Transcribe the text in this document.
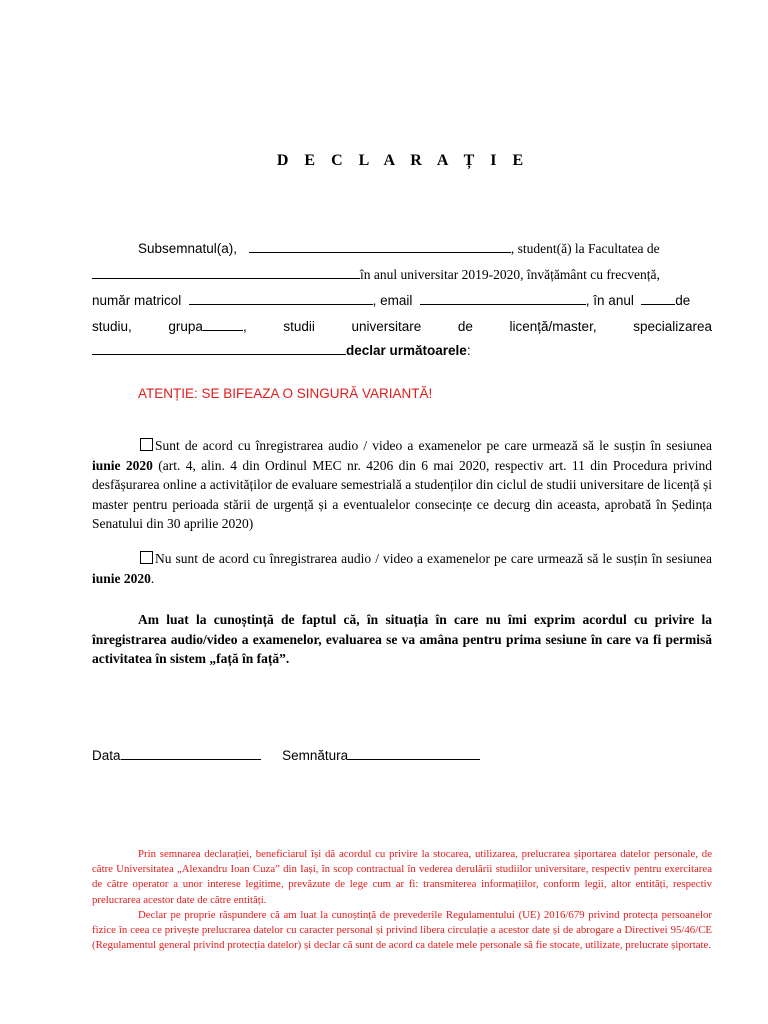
D E C L A R A Ț I E
Subsemnatul(a),	, student(ă) la Facultatea de
în anul universitar 2019-2020, învățământ cu frecvență,
număr matricol	, email	, în anul	de
studiu,	grupa	,	studii	universitare	de	licență/master,	specializarea
declar următoarele:
ATENȚIE: SE BIFEAZA O SINGURĂ VARIANTĂ!
Sunt de acord cu înregistrarea audio / video a examenelor pe care urmează să le susțin în sesiunea iunie 2020 (art. 4, alin. 4 din Ordinul MEC nr. 4206 din 6 mai 2020, respectiv art. 11 din Procedura privind desfășurarea online a activităților de evaluare semestrială a studenților din ciclul de studii universitare de licență și master pentru perioada stării de urgență și a eventualelor consecințe ce decurg din aceasta, aprobată în Ședința Senatului din 30 aprilie 2020)
Nu sunt de acord cu înregistrarea audio / video a examenelor pe care urmează să le susțin în sesiunea iunie 2020.
Am luat la cunoștință de faptul că, în situația în care nu îmi exprim acordul cu privire la înregistrarea audio/video a examenelor, evaluarea se va amâna pentru prima sesiune în care va fi permisă activitatea în sistem „față în față”.
Data	Semnătura

Prin semnarea declarației, beneficiarul își dă acordul cu privire la stocarea, utilizarea, prelucrarea șiportarea datelor personale, de către Universitatea „Alexandru Ioan Cuza” din Iași, în scop contractual în vederea derulării studiilor universitare, respectiv pentru exercitarea de către operator a unor interese legitime, prevăzute de lege cum ar fi: transmiterea informațiilor, conform legii, altor entități, respectiv prelucrarea acestor date de către entități.

Declar pe proprie răspundere că am luat la cunoștință de prevederile Regulamentului (UE) 2016/679 privind protecța persoanelor fizice în ceea ce privește prelucrarea datelor cu caracter personal și privind libera circulație a acestor date și de abrogare a Directivei 95/46/CE (Regulamentul general privind protecția datelor) și declar că sunt de acord ca datele mele personale să fie stocate, utilizate, prelucrate șiportate.
